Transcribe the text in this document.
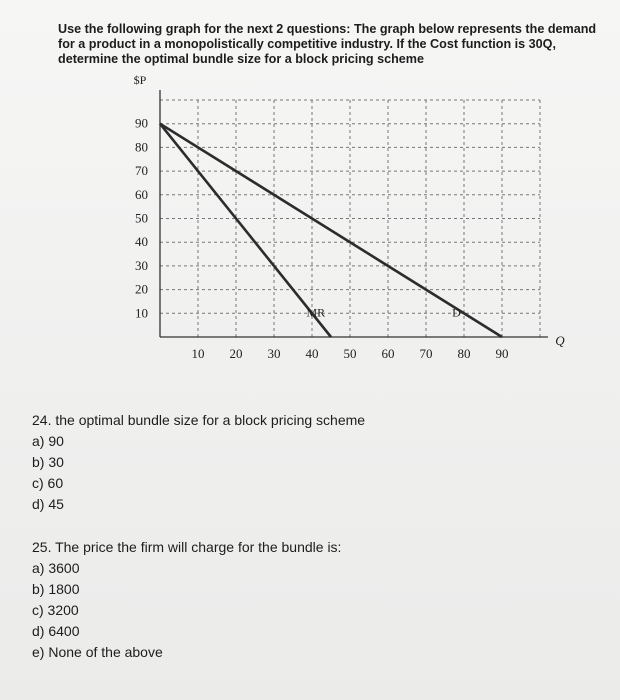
Use the following graph for the next 2 questions: The graph below represents the demand for a product in a monopolistically competitive industry. If the Cost function is 30Q, determine the optimal bundle size for a block pricing scheme

10
20
30
40
50
60
70
80
90
10 20 30 40 50 60 70 80 90
D
MR
$P
Q
24. the optimal bundle size for a block pricing scheme
a) 90
b) 30
c) 60
d) 45
25. The price the firm will charge for the bundle is:
a) 3600
b) 1800
c) 3200
d) 6400
e) None of the above
